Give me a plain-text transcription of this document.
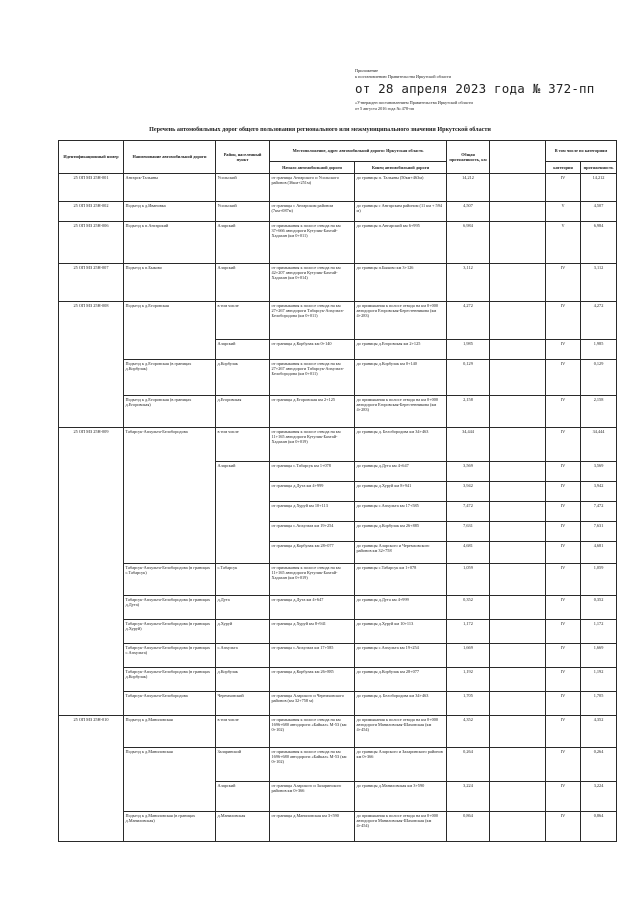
Приложение
к постановлению Правительства Иркутской области
от 28 апреля 2023 года № 372-пп
«Утвержден постановлением Правительства Иркутской области
от 5 августа 2016 года № 478-пп
Перечень автомобильных дорог общего пользования регионального или межмуниципального значения Иркутской области
Идентификационный номер	Наименование автомобильной дороги	Район, населенный пункт	Местоположение, адрес автомобильной дороги: Иркутская область		Общая протяженность, км		В том числе по категориям	
			Начало автомобильной дороги	Конец автомобильной дороги			категория	протяженность
25 ОП МЗ 25Н-001	Ангарск-Тальяны	Усольский	от границы Ангарского и Усольского районов (36км+251м)	до границы п. Тальяны (50км+463м)	14,212		IV	14,212
25 ОП МЗ 25Н-002	Подъезд к д.Ивановка	Усольский	от границы с Ангарским районом (7км+087м)	до границы с Ангарским районом (11 км + 594 м)	4,507		V	4,507
25 ОП МЗ 25Н-006	Подъезд к п.Ангарский	Аларский	от примыкания к полосе отвода на км 37+666 автодороги Кутулик-Бахтай-Хадахан (км 0+011)	до границы п.Ангарский км 6+995	6,984		V	6,984
25 ОП МЗ 25Н-007	Подъезд к п.Быково	Аларский	от примыкания к полосе отвода на км 42+207 автодороги Кутулик-Бахтай-Хадахан (км 0+014)	до границы п.Быково км 3+126	3,112		IV	3,112
25 ОП МЗ 25Н-008	Подъезд к д.Егоровская	в том числе	от примыкания к полосе отвода на км 27+267 автодороги Табарсук-Апхульта-Белобородова (км 0+011)	до примыкания к полосе отвода на км 0+000 автодороги Егоровская-Берестенникова (км 4+283)	4,272		IV	4,272
		Аларский	от границы д.Корбулак км 0+140	до границы д.Егоровская км 2+125	1,985		IV	1,985
	Подъезд к д.Егоровская (в границах д.Корбулак)	д.Корбулак	от примыкания к полосе отвода на км 27+267 автодороги Табарсук-Апхульта-Белобородова (км 0+011)	до границы д.Корбулак км 0+140	0,129		IV	0,129
	Подъезд к д.Егоровская (в границах д.Егоровская)	д.Егоровская	от границы д.Егоровская км 2+125	до примыкания к полосе отвода на км 0+000 автодороги Егоровская-Берестенникова (км 4+283)	2,158		IV	2,158
25 ОП МЗ 25Н-009	Табарсук-Апхульта-Белобородова	в том числе	от примыкания к полосе отвода на км 11+165 автодороги Кутулик-Бахтай-Хадахан (км 0+019)	до границы д. Белобородова км 34+463	34,444		IV	34,444
		Аларский	от границы с.Табарсук км 1+078	до границы д.Дута км 4+647	3,569		IV	3,569
			от границы д.Дута км 4+999	до границы д.Хуруй км 8+941	3,942		IV	3,942
			от границы д.Хуруй км 10+113	до границы с.Апхульта км 17+585	7,472		IV	7,472
			от границы с.Апхульта км 19+254	до границы д.Корбулак км 26+885	7,631		IV	7,631
			от границы д.Корбулак км 28+077	до границы Аларского и Черемховского районов км 32+758	4,681		IV	4,681
	Табарсук-Апхульта-Белобородова (в границах с.Табарсук)	с.Табарсук	от примыкания к полосе отвода на км 11+165 автодороги Кутулик-Бахтай-Хадахан (км 0+019)	до границы с.Табарсук км 1+078	1,059		IV	1,059
	Табарсук-Апхульта-Белобородова (в границах д.Дута)	д.Дута	от границы д.Дута км 4+647	до границы д.Дута км 4+999	0,352		IV	0,352
	Табарсук-Апхульта-Белобородова (в границах д.Хуруй)	д.Хуруй	от границы д.Хуруй км 8+941	до границы д.Хуруй км 10+113	1,172		IV	1,172
	Табарсук-Апхульта-Белобородова (в границах с.Апхульта)	с.Апхульта	от границы с.Апхульта км 17+585	до границы с.Апхульта км 19+254	1,669		IV	1,669
	Табарсук-Апхульта-Белобородова (в границах д.Корбулак)	д.Корбулак	от границы д.Корбулак км 26+885	до границы д.Корбулак км 28+077	1,192		IV	1,192
	Табарсук-Апхульта-Белобородова	Черемховский	от границы Аларского и Черемховского районов (км 32+758 м)	до границы д. Белобородова км 34+463	1,705		IV	1,705
25 ОП МЗ 25Н-010	Подъезд к д.Маниловская	в том числе	от примыкания к полосе отвода на км 1696+680 автодороги «Байкал» М-53 (км 0+102)	до примыкания к полосе отвода на км 0+000 автодороги Маниловская-Шаховская (км 4+454)	4,352		IV	4,352
	Подъезд к д.Маниловская	Заларинский	от примыкания к полосе отвода на км 1696+680 автодороги «Байкал» М-53 (км 0+102)	до границы Аларского и Заларинского районов км 0+366	0,264		IV	0,264
		Аларский	от границы Аларского и Заларинского районов км 0+366	до границы д.Маниловская км 3+590	3,224		IV	3,224
	Подъезд к д.Маниловская (в границах д.Маниловская)	д.Маниловская	от границы д.Маниловская км 3+590	до примыкания к полосе отвода на км 0+000 автодороги Маниловская-Шаховская (км 4+454)	0,864		IV	0,864
